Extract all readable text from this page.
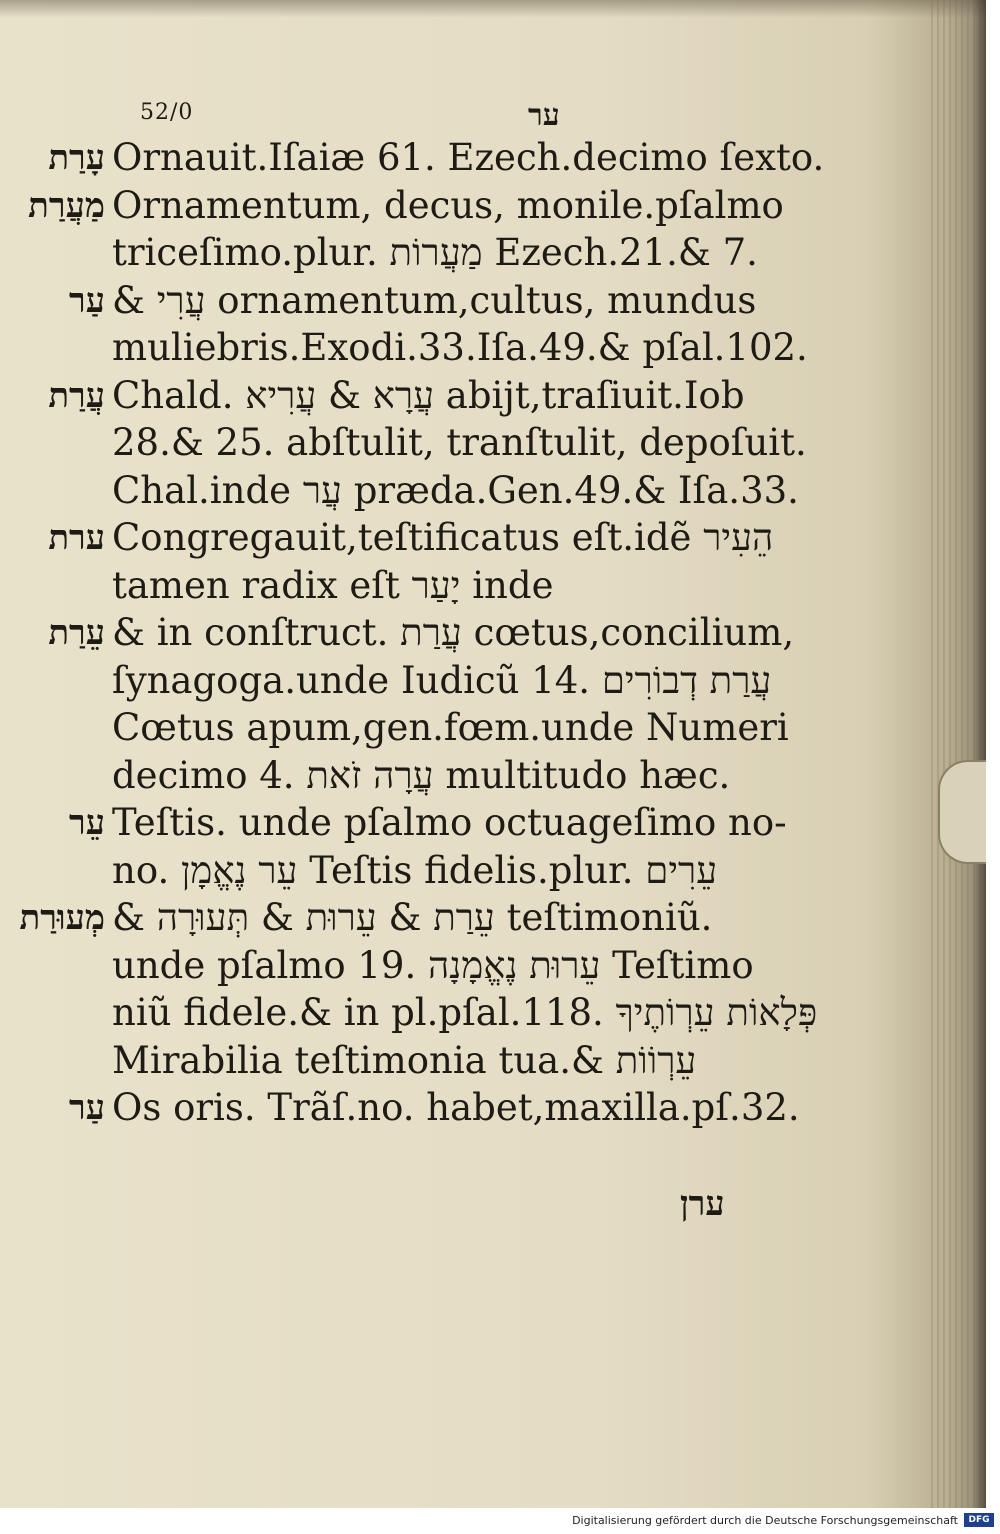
52/0	ער
עָרַת Ornauit.Iſaiæ 61. Ezech.decimo ſexto.
מַעֲרַת Ornamentum, decus, monile.pſalmo
triceſimo.plur. מַעֲרוֹת Ezech.21.& 7.
עַר & עֲרִי ornamentum,cultus, mundus
muliebris.Exodi.33.Iſa.49.& pſal.102.
עֲרַת Chald. עֲרָא & עֲרִיא abijt,traſiuit.Iob
28.& 25. abſtulit, tranſtulit, depoſuit.
Chal.inde עֲר præda.Gen.49.& Iſa.33.
ערת Congregauit,teſtificatus eſt.idẽ הֵעִיר
tamen radix eſt יָעַר inde
עֵרַת & in conſtruct. עֲרַת cœtus,concilium,
ſynagoga.unde Iudicũ 14. עֲרַת דְבוֹרִים
Cœtus apum,gen.fœm.unde Numeri
decimo 4. עֲרָה זֹאת multitudo hæc.
עֵר Teſtis. unde pſalmo octuageſimo no-
no. עֵר נֶאֱמָן Teſtis fidelis.plur. עֵרִים
מְעוּרַת & עֵרַת & עֵרוּת & תְּעוּרָה teſtimoniũ.
unde pſalmo 19. עֵרוּת נֶאֱמָנָה Teſtimo
niũ fidele.& in pl.pſal.118. פְּלָאוֹת עֵרְוֹתֶיךָ
Mirabilia teſtimonia tua.& עֵרְוֹוֹת
עַר Os oris. Trãſ.no. habet,maxilla.pſ.32.
ערן
Digitalisierung gefördert durch die Deutsche Forschungsgemeinschaft	DFG
